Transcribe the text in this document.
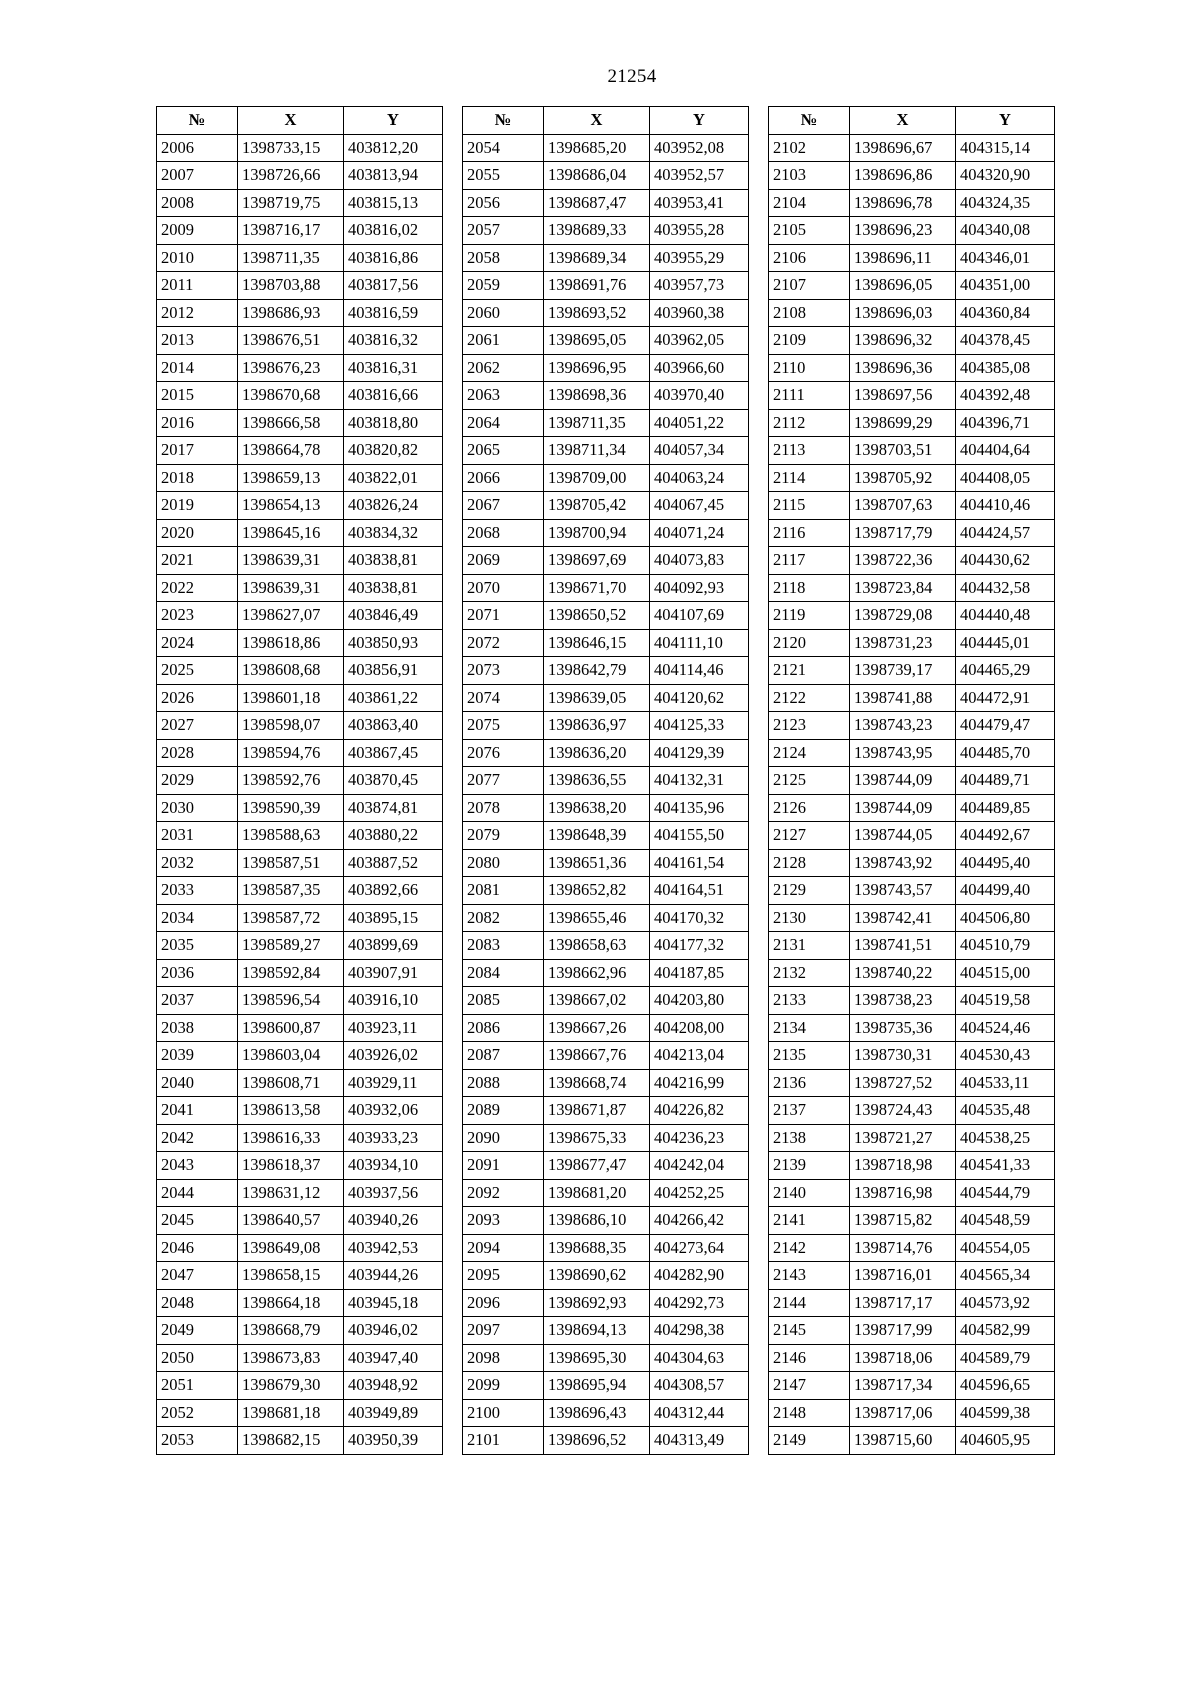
21254
№	X	Y
2006	1398733,15	403812,20
2007	1398726,66	403813,94
2008	1398719,75	403815,13
2009	1398716,17	403816,02
2010	1398711,35	403816,86
2011	1398703,88	403817,56
2012	1398686,93	403816,59
2013	1398676,51	403816,32
2014	1398676,23	403816,31
2015	1398670,68	403816,66
2016	1398666,58	403818,80
2017	1398664,78	403820,82
2018	1398659,13	403822,01
2019	1398654,13	403826,24
2020	1398645,16	403834,32
2021	1398639,31	403838,81
2022	1398639,31	403838,81
2023	1398627,07	403846,49
2024	1398618,86	403850,93
2025	1398608,68	403856,91
2026	1398601,18	403861,22
2027	1398598,07	403863,40
2028	1398594,76	403867,45
2029	1398592,76	403870,45
2030	1398590,39	403874,81
2031	1398588,63	403880,22
2032	1398587,51	403887,52
2033	1398587,35	403892,66
2034	1398587,72	403895,15
2035	1398589,27	403899,69
2036	1398592,84	403907,91
2037	1398596,54	403916,10
2038	1398600,87	403923,11
2039	1398603,04	403926,02
2040	1398608,71	403929,11
2041	1398613,58	403932,06
2042	1398616,33	403933,23
2043	1398618,37	403934,10
2044	1398631,12	403937,56
2045	1398640,57	403940,26
2046	1398649,08	403942,53
2047	1398658,15	403944,26
2048	1398664,18	403945,18
2049	1398668,79	403946,02
2050	1398673,83	403947,40
2051	1398679,30	403948,92
2052	1398681,18	403949,89
2053	1398682,15	403950,39
№	X	Y
2054	1398685,20	403952,08
2055	1398686,04	403952,57
2056	1398687,47	403953,41
2057	1398689,33	403955,28
2058	1398689,34	403955,29
2059	1398691,76	403957,73
2060	1398693,52	403960,38
2061	1398695,05	403962,05
2062	1398696,95	403966,60
2063	1398698,36	403970,40
2064	1398711,35	404051,22
2065	1398711,34	404057,34
2066	1398709,00	404063,24
2067	1398705,42	404067,45
2068	1398700,94	404071,24
2069	1398697,69	404073,83
2070	1398671,70	404092,93
2071	1398650,52	404107,69
2072	1398646,15	404111,10
2073	1398642,79	404114,46
2074	1398639,05	404120,62
2075	1398636,97	404125,33
2076	1398636,20	404129,39
2077	1398636,55	404132,31
2078	1398638,20	404135,96
2079	1398648,39	404155,50
2080	1398651,36	404161,54
2081	1398652,82	404164,51
2082	1398655,46	404170,32
2083	1398658,63	404177,32
2084	1398662,96	404187,85
2085	1398667,02	404203,80
2086	1398667,26	404208,00
2087	1398667,76	404213,04
2088	1398668,74	404216,99
2089	1398671,87	404226,82
2090	1398675,33	404236,23
2091	1398677,47	404242,04
2092	1398681,20	404252,25
2093	1398686,10	404266,42
2094	1398688,35	404273,64
2095	1398690,62	404282,90
2096	1398692,93	404292,73
2097	1398694,13	404298,38
2098	1398695,30	404304,63
2099	1398695,94	404308,57
2100	1398696,43	404312,44
2101	1398696,52	404313,49
№	X	Y
2102	1398696,67	404315,14
2103	1398696,86	404320,90
2104	1398696,78	404324,35
2105	1398696,23	404340,08
2106	1398696,11	404346,01
2107	1398696,05	404351,00
2108	1398696,03	404360,84
2109	1398696,32	404378,45
2110	1398696,36	404385,08
2111	1398697,56	404392,48
2112	1398699,29	404396,71
2113	1398703,51	404404,64
2114	1398705,92	404408,05
2115	1398707,63	404410,46
2116	1398717,79	404424,57
2117	1398722,36	404430,62
2118	1398723,84	404432,58
2119	1398729,08	404440,48
2120	1398731,23	404445,01
2121	1398739,17	404465,29
2122	1398741,88	404472,91
2123	1398743,23	404479,47
2124	1398743,95	404485,70
2125	1398744,09	404489,71
2126	1398744,09	404489,85
2127	1398744,05	404492,67
2128	1398743,92	404495,40
2129	1398743,57	404499,40
2130	1398742,41	404506,80
2131	1398741,51	404510,79
2132	1398740,22	404515,00
2133	1398738,23	404519,58
2134	1398735,36	404524,46
2135	1398730,31	404530,43
2136	1398727,52	404533,11
2137	1398724,43	404535,48
2138	1398721,27	404538,25
2139	1398718,98	404541,33
2140	1398716,98	404544,79
2141	1398715,82	404548,59
2142	1398714,76	404554,05
2143	1398716,01	404565,34
2144	1398717,17	404573,92
2145	1398717,99	404582,99
2146	1398718,06	404589,79
2147	1398717,34	404596,65
2148	1398717,06	404599,38
2149	1398715,60	404605,95
